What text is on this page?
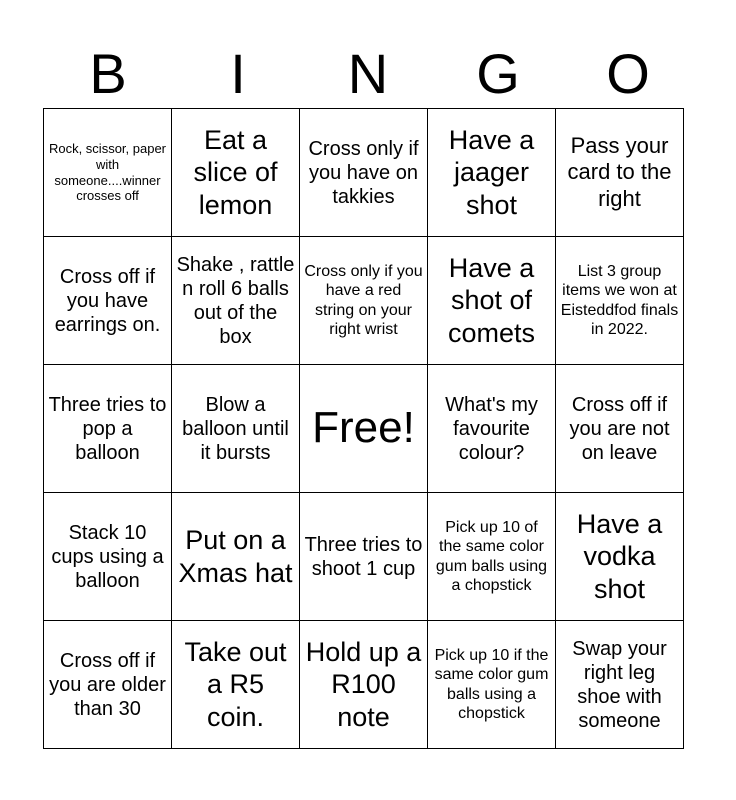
B	I	N	G	O
Rock, scissor, paper with someone....winner crosses off	Eat a slice of lemon	Cross only if you have on takkies	Have a jaager shot	Pass your card to the right
Cross off if you have earrings on.	Shake , rattle n roll 6 balls out of the box	Cross only if you have a red string on your right wrist	Have a shot of comets	List 3 group items we won at Eisteddfod finals in 2022.
Three tries to pop a balloon	Blow a balloon until it bursts	Free!	What's my favourite colour?	Cross off if you are not on leave
Stack 10 cups using a balloon	Put on a Xmas hat	Three tries to shoot 1 cup	Pick up 10 of the same color gum balls using a chopstick	Have a vodka shot
Cross off if you are older than 30	Take out a R5 coin.	Hold up a R100 note	Pick up 10 if the same color gum balls using a chopstick	Swap your right leg shoe with someone
